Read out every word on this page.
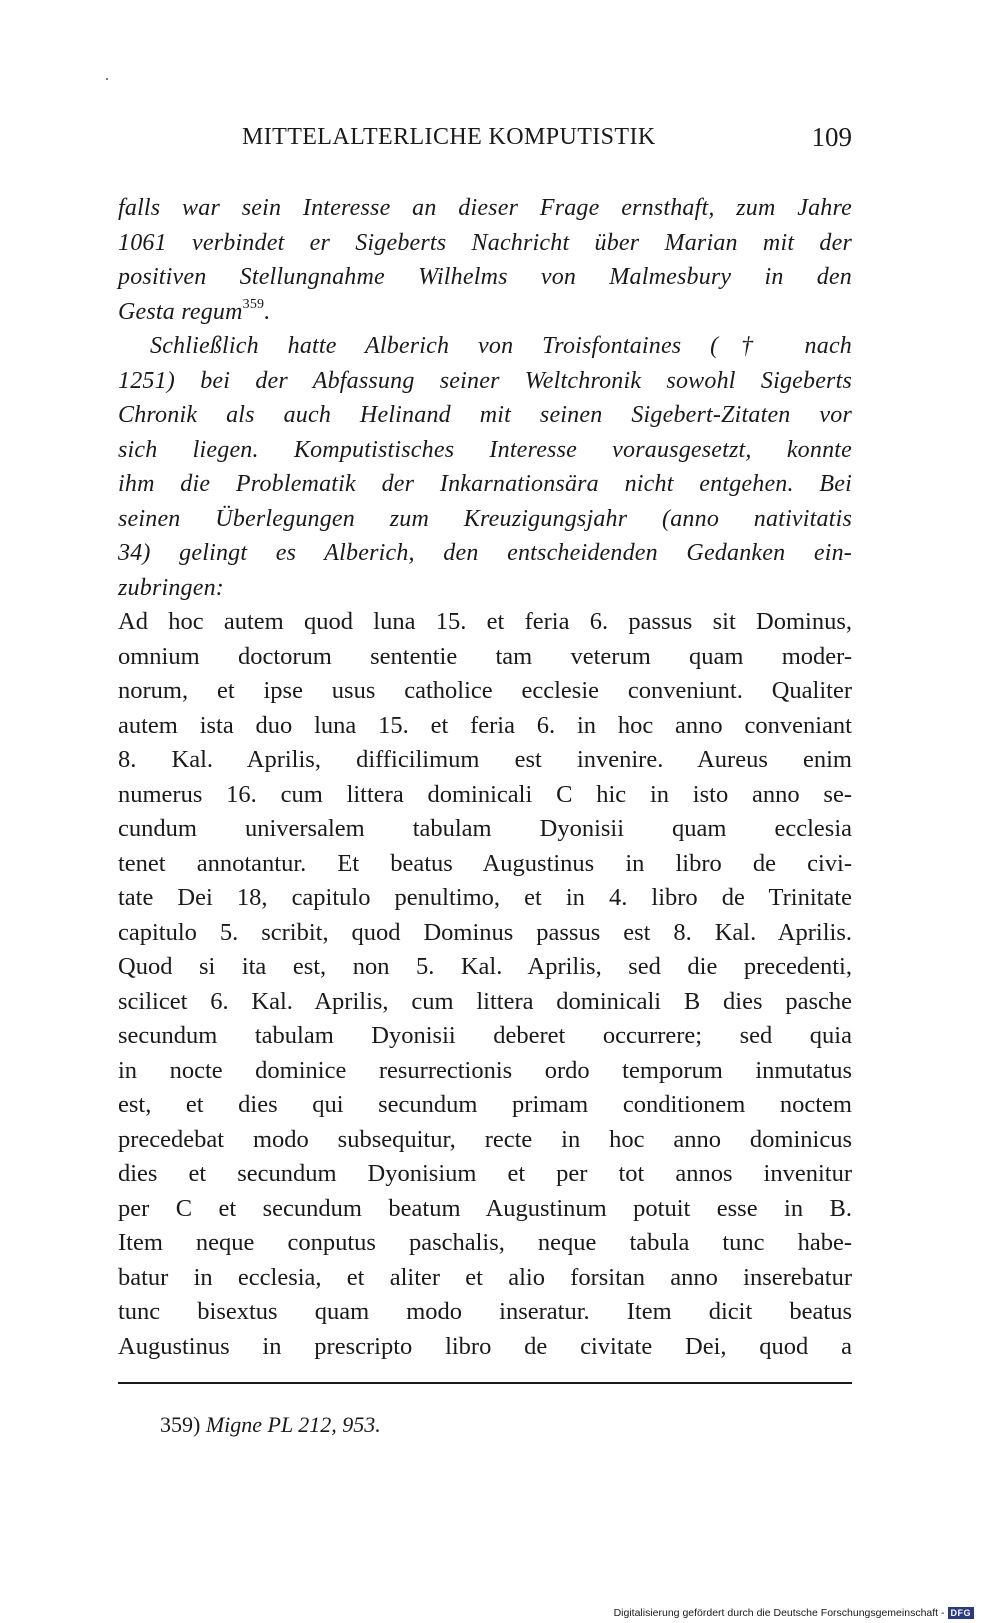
MITTELALTERLICHE KOMPUTISTIK	109
falls war sein Interesse an dieser Frage ernsthaft, zum Jahre
1061 verbindet er Sigeberts Nachricht über Marian mit der
positiven Stellungnahme Wilhelms von Malmesbury in den
Gesta regum$^{359}$.
Schließlich hatte Alberich von Troisfontaines († nach
1251) bei der Abfassung seiner Weltchronik sowohl Sigeberts
Chronik als auch Helinand mit seinen Sigebert-Zitaten vor
sich liegen. Komputistisches Interesse vorausgesetzt, konnte
ihm die Problematik der Inkarnationsära nicht entgehen. Bei
seinen Überlegungen zum Kreuzigungsjahr (anno nativitatis
34) gelingt es Alberich, den entscheidenden Gedanken ein-
zubringen:
Ad hoc autem quod luna 15. et feria 6. passus sit Dominus,
omnium doctorum sententie tam veterum quam moder-
norum, et ipse usus catholice ecclesie conveniunt. Qualiter
autem ista duo luna 15. et feria 6. in hoc anno conveniant
8. Kal. Aprilis, difficilimum est invenire. Aureus enim
numerus 16. cum littera dominicali C hic in isto anno se-
cundum universalem tabulam Dyonisii quam ecclesia
tenet annotantur. Et beatus Augustinus in libro de civi-
tate Dei 18, capitulo penultimo, et in 4. libro de Trinitate
capitulo 5. scribit, quod Dominus passus est 8. Kal. Aprilis.
Quod si ita est, non 5. Kal. Aprilis, sed die precedenti,
scilicet 6. Kal. Aprilis, cum littera dominicali B dies pasche
secundum tabulam Dyonisii deberet occurrere; sed quia
in nocte dominice resurrectionis ordo temporum inmutatus
est, et dies qui secundum primam conditionem noctem
precedebat modo subsequitur, recte in hoc anno dominicus
dies et secundum Dyonisium et per tot annos invenitur
per C et secundum beatum Augustinum potuit esse in B.
Item neque conputus paschalis, neque tabula tunc habe-
batur in ecclesia, et aliter et alio forsitan anno inserebatur
tunc bisextus quam modo inseratur. Item dicit beatus
Augustinus in prescripto libro de civitate Dei, quod a
359) Migne PL 212, 953.
Digitalisierung gefördert durch die Deutsche Forschungsgemeinschaft - DFG
